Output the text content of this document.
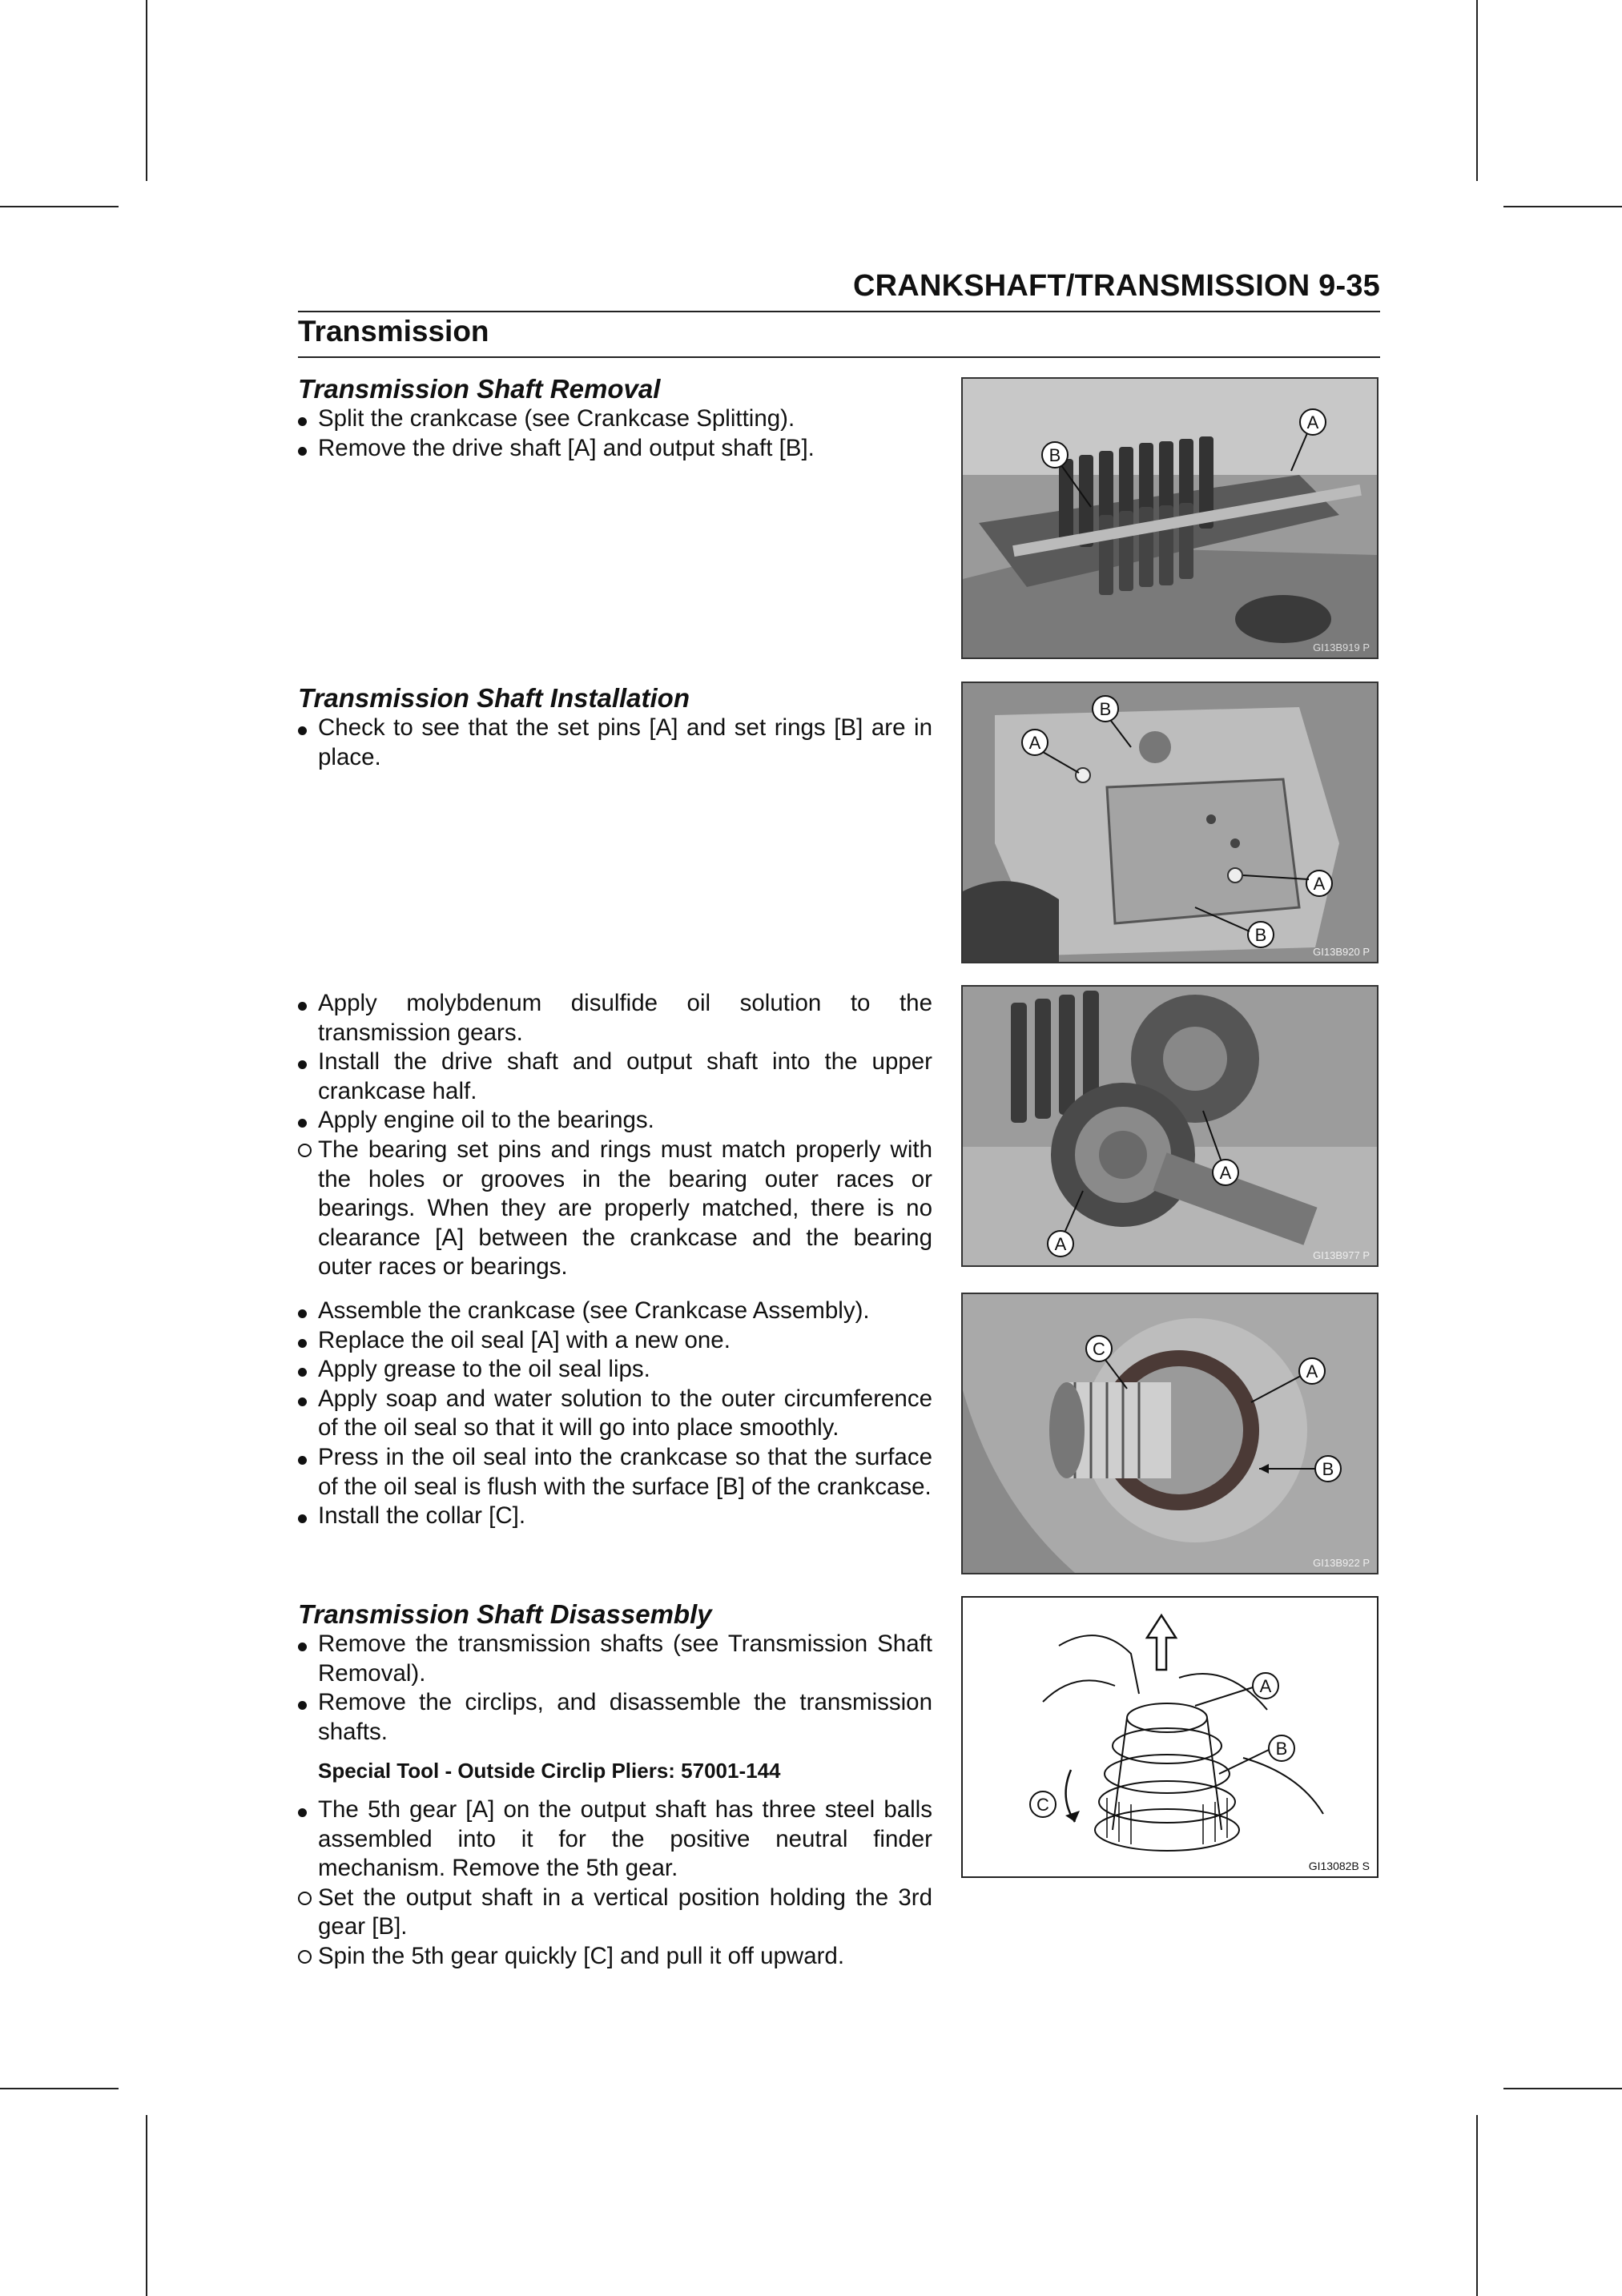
CRANKSHAFT/TRANSMISSION 9-35
Transmission
Transmission Shaft Removal
Split the crankcase (see Crankcase Splitting).
Remove the drive shaft [A] and output shaft [B].
Transmission Shaft Installation
Check to see that the set pins [A] and set rings [B] are in place.
Apply molybdenum disulfide oil solution to the transmission gears.
Install the drive shaft and output shaft into the upper crankcase half.
Apply engine oil to the bearings.
The bearing set pins and rings must match properly with the holes or grooves in the bearing outer races or bearings. When they are properly matched, there is no clearance [A] between the crankcase and the bearing outer races or bearings.
Assemble the crankcase (see Crankcase Assembly).
Replace the oil seal [A] with a new one.
Apply grease to the oil seal lips.
Apply soap and water solution to the outer circumference of the oil seal so that it will go into place smoothly.
Press in the oil seal into the crankcase so that the surface of the oil seal is flush with the surface [B] of the crankcase.
Install the collar [C].
Transmission Shaft Disassembly
Remove the transmission shafts (see Transmission Shaft Removal).
Remove the circlips, and disassemble the transmission shafts.
Special Tool - Outside Circlip Pliers: 57001-144
The 5th gear [A] on the output shaft has three steel balls assembled into it for the positive neutral finder mechanism. Remove the 5th gear.
Set the output shaft in a vertical position holding the 3rd gear [B].
Spin the 5th gear quickly [C] and pull it off upward.
B
A
GI13B919 P
B
A
A
B
GI13B920 P
A
A
GI13B977 P
A
B
C
GI13B922 P
A
B
C
GI13082B S
